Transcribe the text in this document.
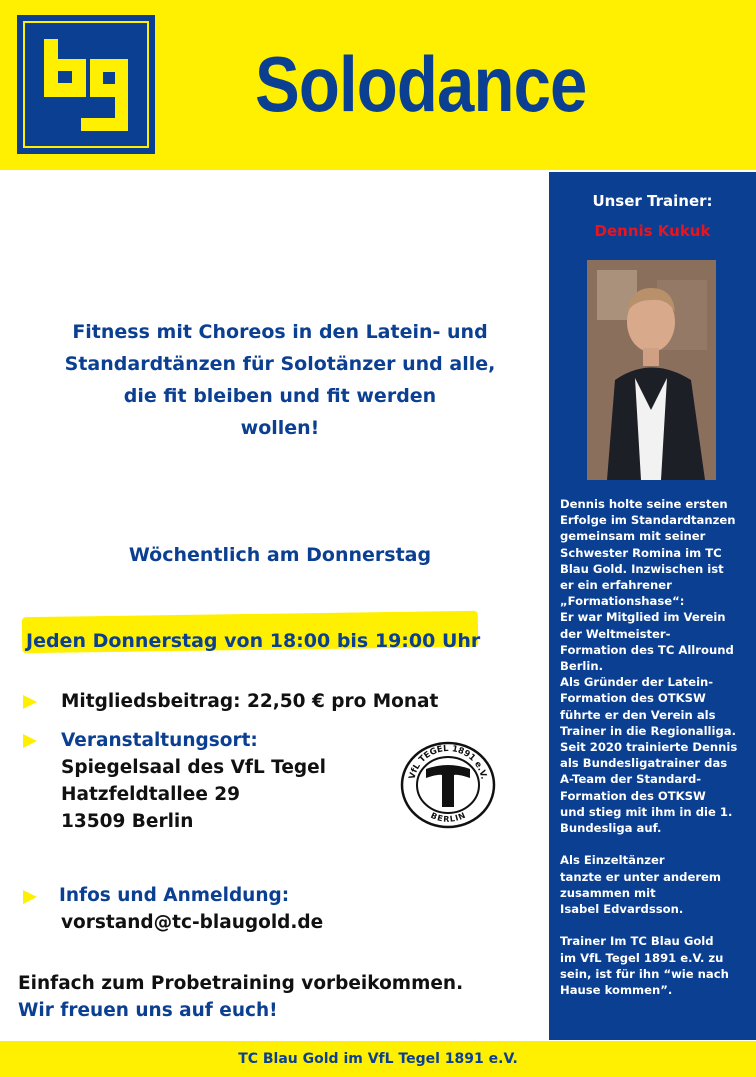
Solodance
Unser Trainer:
Dennis Kukuk
Dennis holte seine ersten
Erfolge im Standardtanzen
gemeinsam mit seiner
Schwester Romina im TC
Blau Gold. Inzwischen ist
er ein erfahrener
„Formationshase“:
Er war Mitglied im Verein
der Weltmeister-
Formation des TC Allround
Berlin.
Als Gründer der Latein-
Formation des OTKSW
führte er den Verein als
Trainer in die Regionalliga.
Seit 2020 trainierte Dennis
als Bundesligatrainer das
A-Team der Standard-
Formation des OTKSW
und stieg mit ihm in die 1.
Bundesliga auf.

Als Einzeltänzer
tanzte er unter anderem
zusammen mit
Isabel Edvardsson.

Trainer Im TC Blau Gold
im VfL Tegel 1891 e.V. zu
sein, ist für ihn “wie nach
Hause kommen”.
Fitness mit Choreos in den Latein- und
Standardtänzen für Solotänzer und alle,
die fit bleiben und fit werden
wollen!
Wöchentlich am Donnerstag
Jeden Donnerstag von 18:00 bis 19:00 Uhr
Mitgliedsbeitrag: 22,50 € pro Monat
Veranstaltungsort:
Spiegelsaal des VfL Tegel
Hatzfeldtallee 29
13509 Berlin
VfL TEGEL 1891 e.V.
BERLIN
Infos und Anmeldung:
vorstand@tc-blaugold.de
Einfach zum Probetraining vorbeikommen.
Wir freuen uns auf euch!
TC Blau Gold im VfL Tegel 1891 e.V.
